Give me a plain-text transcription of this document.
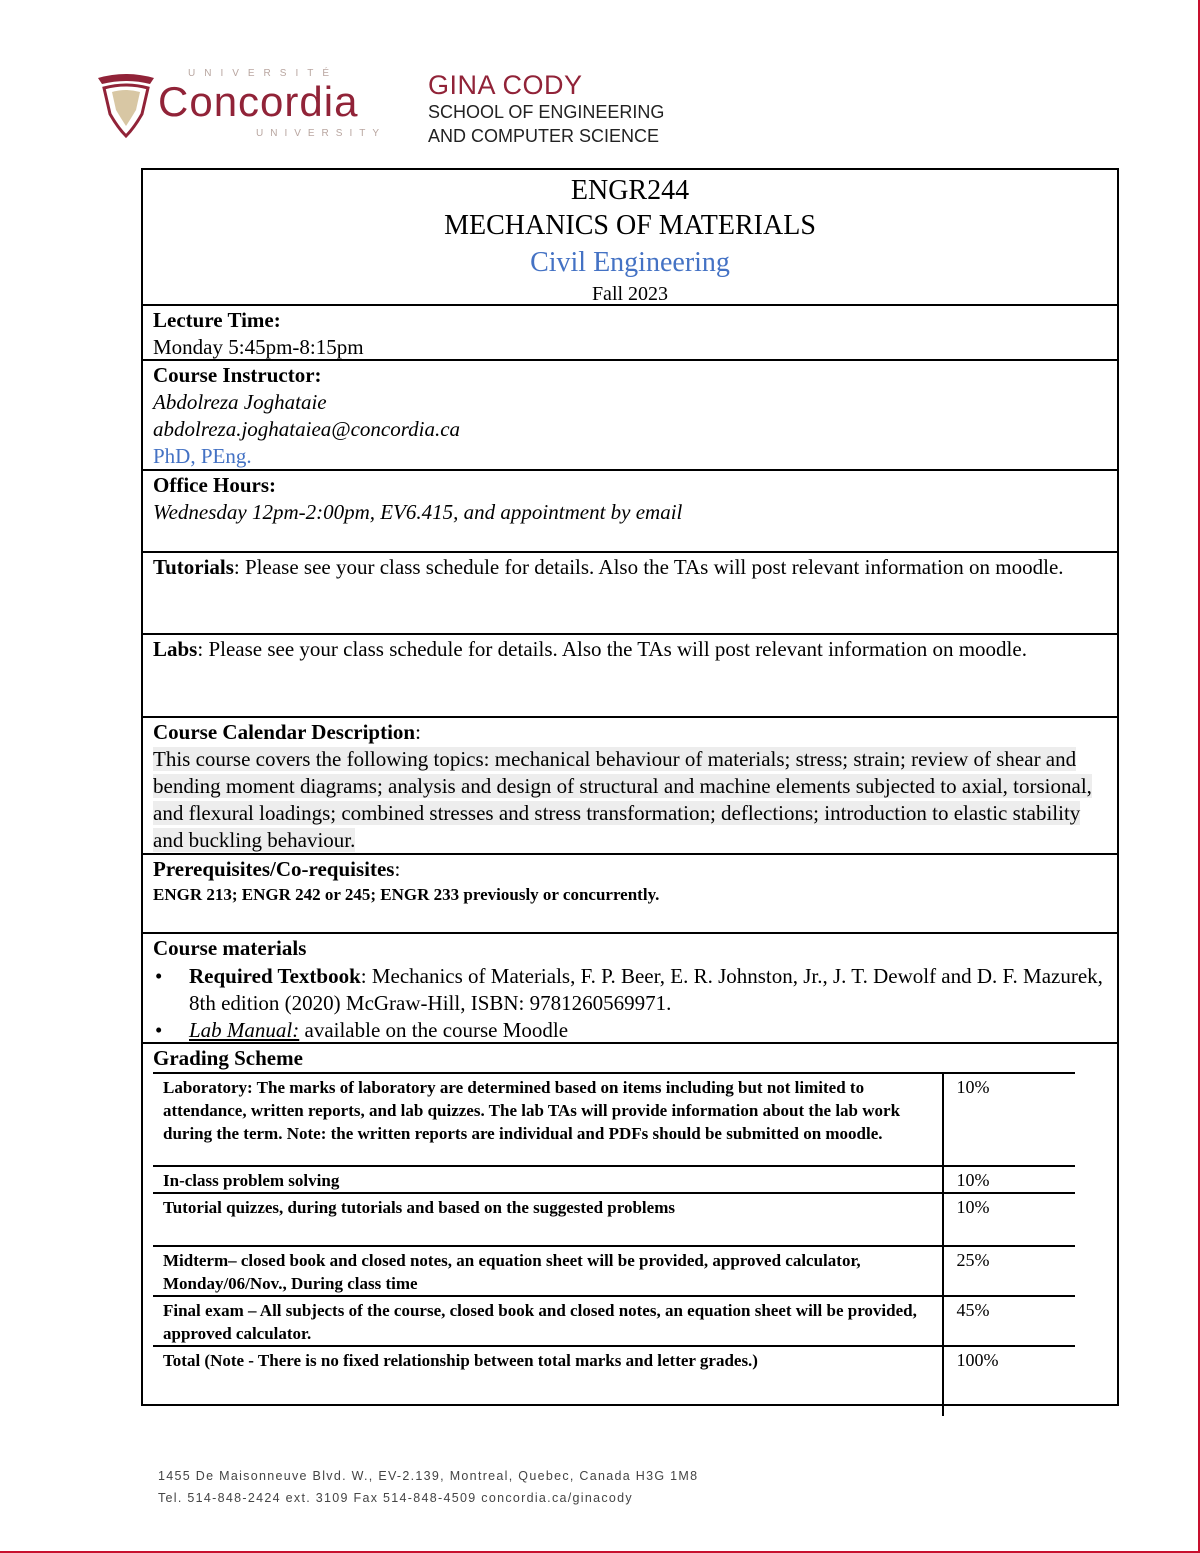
UNIVERSITÉ
Concordia
UNIVERSITY
GINA CODY
SCHOOL OF ENGINEERING
AND COMPUTER SCIENCE
ENGR244
MECHANICS OF MATERIALS
Civil Engineering
Fall 2023
Lecture Time:
Monday 5:45pm-8:15pm
Course Instructor:
Abdolreza Joghataie
abdolreza.joghataiea@concordia.ca
PhD, PEng.
Office Hours:
Wednesday 12pm-2:00pm, EV6.415, and appointment by email
Tutorials: Please see your class schedule for details. Also the TAs will post relevant information on moodle.
Labs: Please see your class schedule for details. Also the TAs will post relevant information on moodle.
Course Calendar Description:
This course covers the following topics: mechanical behaviour of materials; stress; strain; review of shear and bending moment diagrams; analysis and design of structural and machine elements subjected to axial, torsional, and flexural loadings; combined stresses and stress transformation; deflections; introduction to elastic stability and buckling behaviour.
Prerequisites/Co-requisites:
ENGR 213; ENGR 242 or 245; ENGR 233 previously or concurrently.
Course materials
• Required Textbook: Mechanics of Materials, F. P. Beer, E. R. Johnston, Jr., J. T. Dewolf and D. F. Mazurek, 8th edition (2020) McGraw-Hill, ISBN: 9781260569971.
• Lab Manual: available on the course Moodle
Grading Scheme
Laboratory: The marks of laboratory are determined based on items including but not limited to attendance, written reports, and lab quizzes. The lab TAs will provide information about the lab work during the term. Note: the written reports are individual and PDFs should be submitted on moodle.	10%
In-class problem solving	10%
Tutorial quizzes, during tutorials and based on the suggested problems	10%
Midterm– closed book and closed notes, an equation sheet will be provided, approved calculator, Monday/06/Nov., During class time	25%
Final exam – All subjects of the course, closed book and closed notes, an equation sheet will be provided, approved calculator.	45%
Total (Note - There is no fixed relationship between total marks and letter grades.)	100%
1455 De Maisonneuve Blvd. W., EV-2.139, Montreal, Quebec, Canada H3G 1M8
Tel. 514-848-2424 ext. 3109 Fax 514-848-4509 concordia.ca/ginacody
